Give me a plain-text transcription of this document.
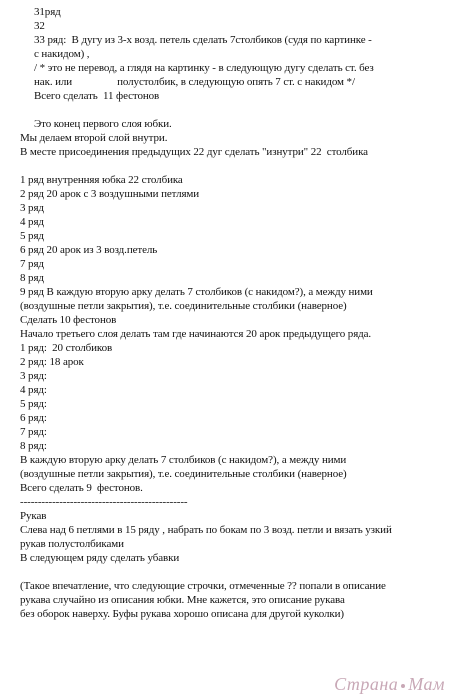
31ряд
32
33 ряд:  В дугу из 3-х возд. петель сделать 7столбиков (судя по картинке -
с накидом) ,
/ * это не перевод, а глядя на картинку - в следующую дугу сделать ст. без
нак. или                 полустолбик, в следующую опять 7 ст. с накидом */
Всего сделать  11 фестонов
Это конец первого слоя юбки.
Мы делаем второй слой внутри.
В месте присоединения предыдущих 22 дуг сделать "изнутри" 22  столбика
1 ряд внутренняя юбка 22 столбика
2 ряд 20 арок с 3 воздушными петлями
3 ряд
4 ряд
5 ряд
6 ряд 20 арок из 3 возд.петель
7 ряд
8 ряд
9 ряд В каждую вторую арку делать 7 столбиков (с накидом?), а между ними
(воздушные петли закрытия), т.е. соединительные столбики (наверное)
Сделать 10 фестонов
Начало третьего слоя делать там где начинаются 20 арок предыдущего ряда.
1 ряд:  20 столбиков
2 ряд: 18 арок
3 ряд:
4 ряд:
5 ряд:
6 ряд:
7 ряд:
8 ряд:
В каждую вторую арку делать 7 столбиков (с накидом?), а между ними
(воздушные петли закрытия), т.е. соединительные столбики (наверное)
Всего сделать 9  фестонов.
-----------------------------------------------
Рукав
Слева над 6 петлями в 15 ряду , набрать по бокам по 3 возд. петли и вязать узкий
рукав полустолбиками
В следующем ряду сделать убавки
(Такое впечатление, что следующие строчки, отмеченные ?? попали в описание
рукава случайно из описания юбки. Мне кажется, это описание рукава
без оборок наверху. Буфы рукава хорошо описана для другой куколки)
Страна Мам
